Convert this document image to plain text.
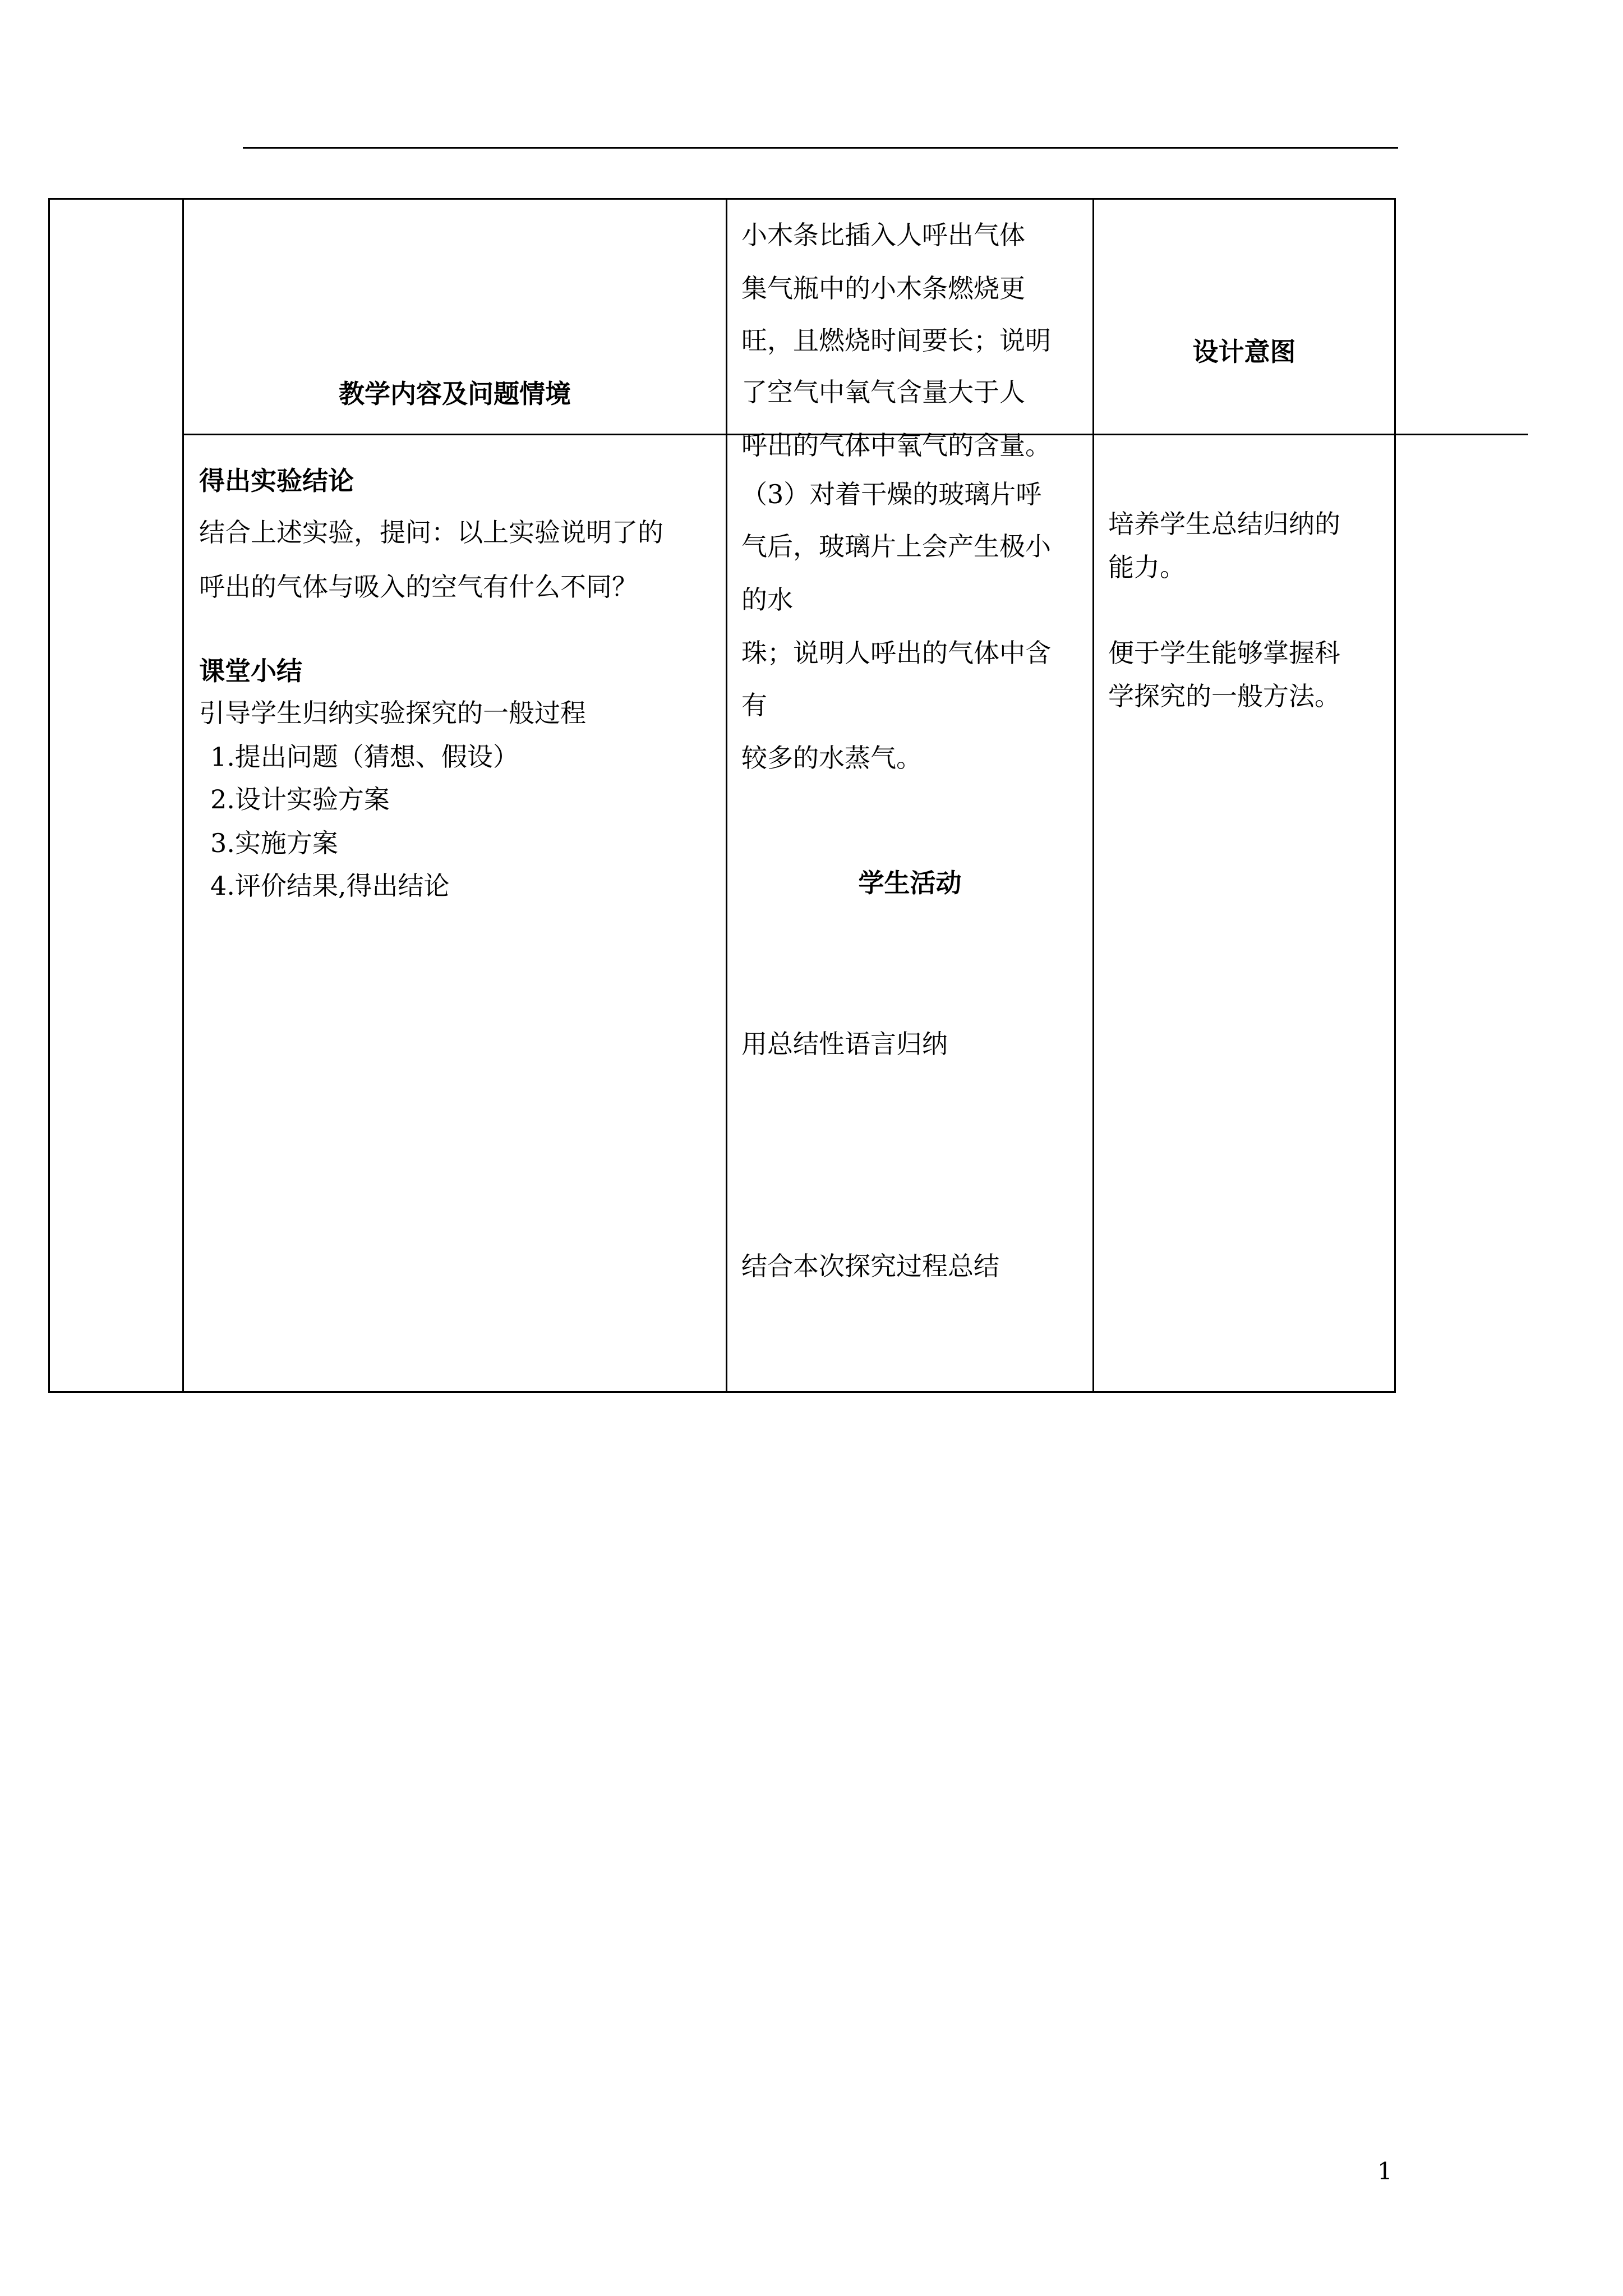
教学内容及问题情境
设计意图
得出实验结论
结合上述实验，提问：以上实验说明了的
呼出的气体与吸入的空气有什么不同？
课堂小结
引导学生归纳实验探究的一般过程
1.提出问题（猜想、假设）
2.设计实验方案
3.实施方案
4.评价结果,得出结论
小木条比插入人呼出气体
集气瓶中的小木条燃烧更
旺，且燃烧时间要长；说明
了空气中氧气含量大于人
呼出的气体中氧气的含量。
（3）对着干燥的玻璃片呼
气后，玻璃片上会产生极小
的水
珠；说明人呼出的气体中含
有
较多的水蒸气。
学生活动
用总结性语言归纳
结合本次探究过程总结
培养学生总结归纳的
能力。
便于学生能够掌握科
学探究的一般方法。
1
